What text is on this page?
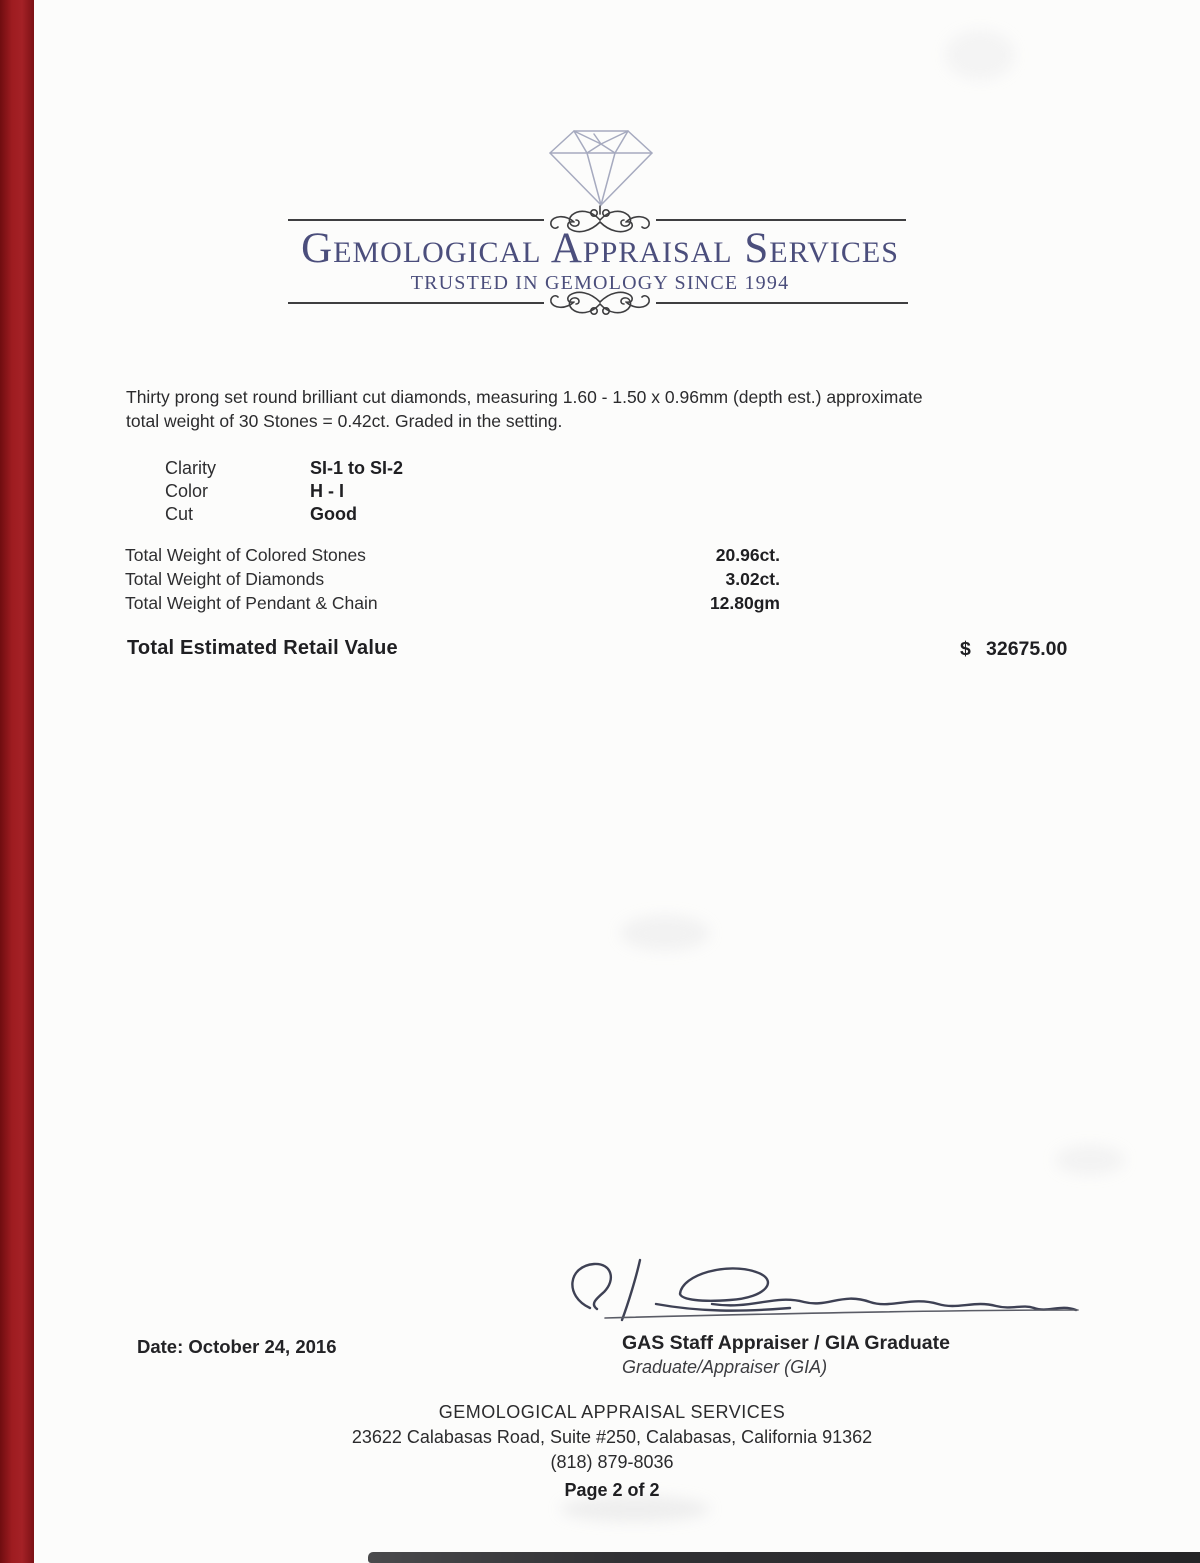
Gemological Appraisal Services
TRUSTED IN GEMOLOGY SINCE 1994
Thirty prong set round brilliant cut diamonds, measuring 1.60 - 1.50 x 0.96mm (depth est.) approximate
total weight of 30 Stones = 0.42ct. Graded in the setting.
Clarity	SI-1 to SI-2
Color	H - I
Cut	Good
Total Weight of Colored Stones	20.96ct.
Total Weight of Diamonds	3.02ct.
Total Weight of Pendant & Chain	12.80gm
Total Estimated Retail Value	$ 32675.00
Date: October 24, 2016	GAS Staff Appraiser / GIA Graduate
Graduate/Appraiser (GIA)
GEMOLOGICAL APPRAISAL SERVICES
23622 Calabasas Road, Suite #250, Calabasas, California 91362
(818) 879-8036
Page 2 of 2
